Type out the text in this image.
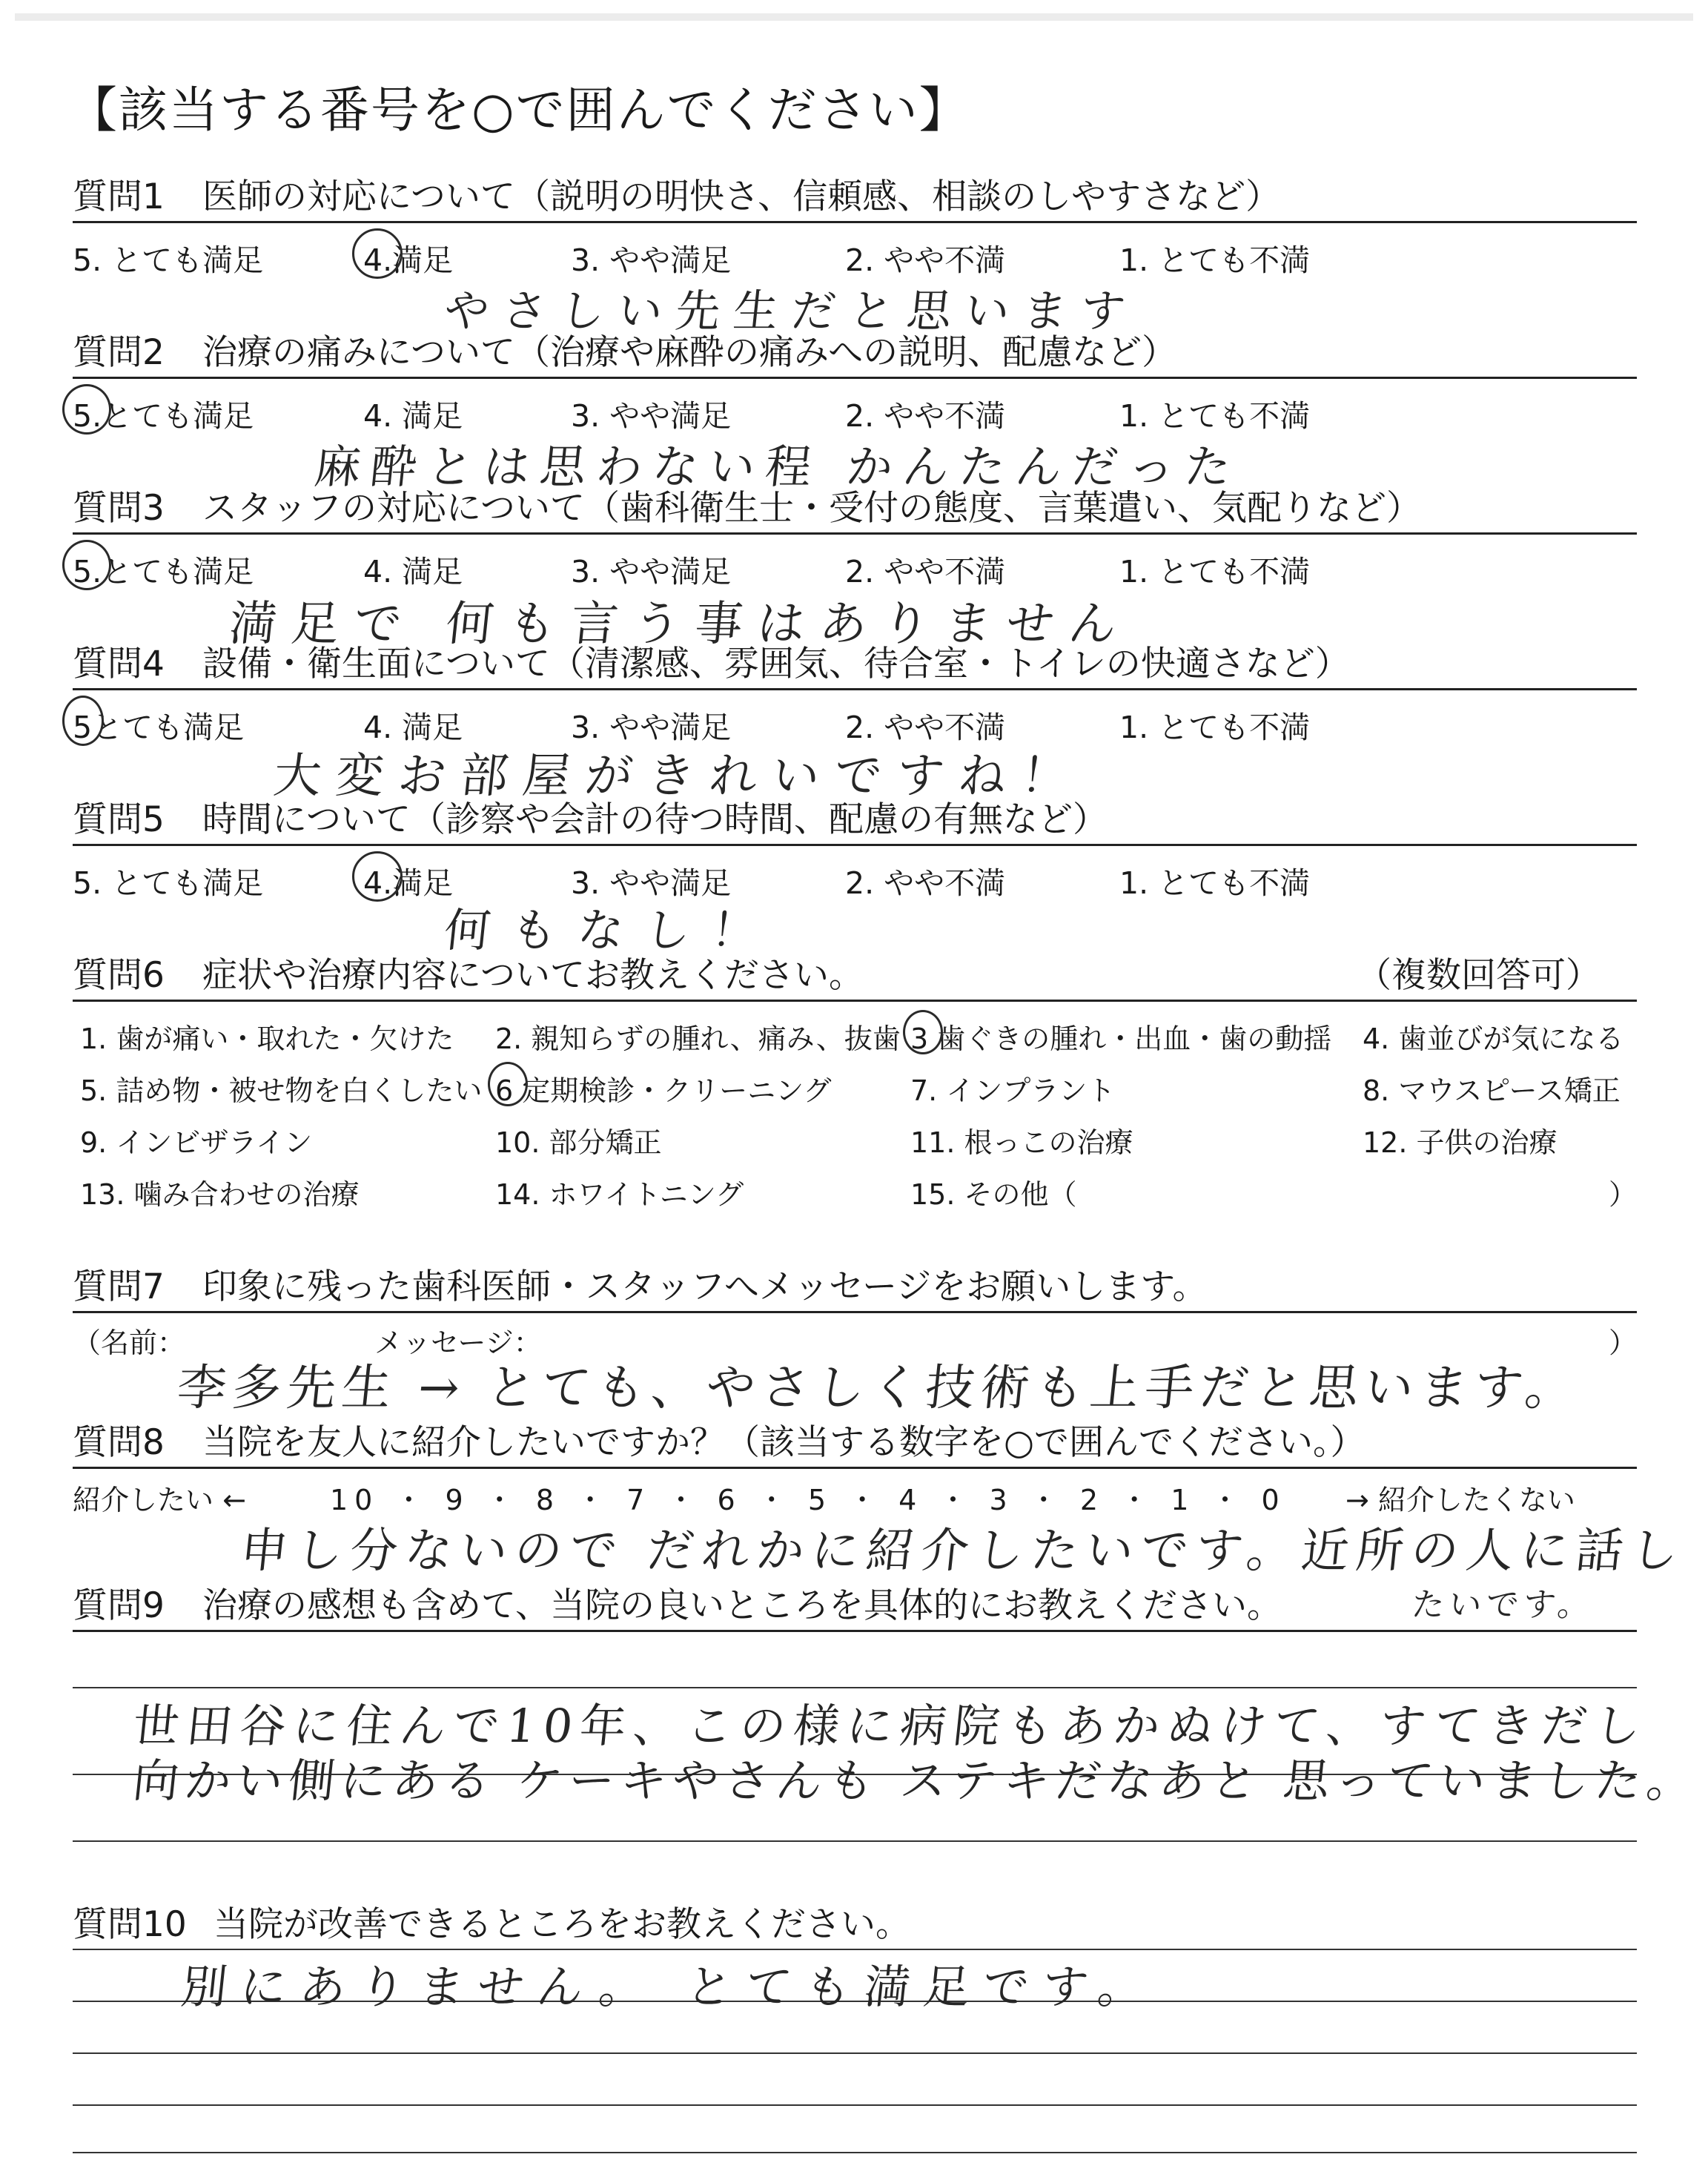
【該当する番号を○で囲んでください】
質問1 医師の対応について（説明の明快さ、信頼感、相談のしやすさなど）
5. とても満足	4.満足	3. やや満足	2. やや不満	1. とても不満
やさしい先生だと思います
質問2 治療の痛みについて（治療や麻酔の痛みへの説明、配慮など）
5.とても満足	4. 満足	3. やや満足	2. やや不満	1. とても不満
麻酔とは思わない程 かんたんだった
質問3 スタッフの対応について（歯科衛生士・受付の態度、言葉遣い、気配りなど）
5.とても満足	4. 満足	3. やや満足	2. やや不満	1. とても不満
満足で 何も言う事はありません
質問4 設備・衛生面について（清潔感、雰囲気、待合室・トイレの快適さなど）
5とても満足	4. 満足	3. やや満足	2. やや不満	1. とても不満
大変お部屋がきれいですね！
質問5 時間について（診察や会計の待つ時間、配慮の有無など）
5. とても満足	4.満足	3. やや満足	2. やや不満	1. とても不満
何もなし！
質問6 症状や治療内容についてお教えください。	（複数回答可）
1. 歯が痛い・取れた・欠けた 2. 親知らずの腫れ、痛み、抜歯 3 歯ぐきの腫れ・出血・歯の動揺 4. 歯並びが気になる
5. 詰め物・被せ物を白くしたい 6 定期検診・クリーニング	7. インプラント	8. マウスピース矯正
9. インビザライン	10. 部分矯正	11. 根っこの治療	12. 子供の治療
13. 噛み合わせの治療	14. ホワイトニング	15. その他（	）
質問7 印象に残った歯科医師・スタッフへメッセージをお願いします。
（名前：	メッセージ：	）
李多先生 → とても、やさしく技術も上手だと思います。
質問8 当院を友人に紹介したいですか？（該当する数字を○で囲んでください。）
紹介したい ←	10 ・ 9 ・ 8 ・ 7 ・ 6 ・ 5 ・ 4 ・ 3 ・ 2 ・ 1 ・ 0 → 紹介したくない
申し分ないので だれかに紹介したいです。近所の人に話し
たいです。
質問9 治療の感想も含めて、当院の良いところを具体的にお教えください。
世田谷に住んで10年、この様に病院もあかぬけて、すてきだし
向かい側にある ケーキやさんも ステキだなあと 思っていました。
質問10 当院が改善できるところをお教えください。
別にありません。 とても満足です。
